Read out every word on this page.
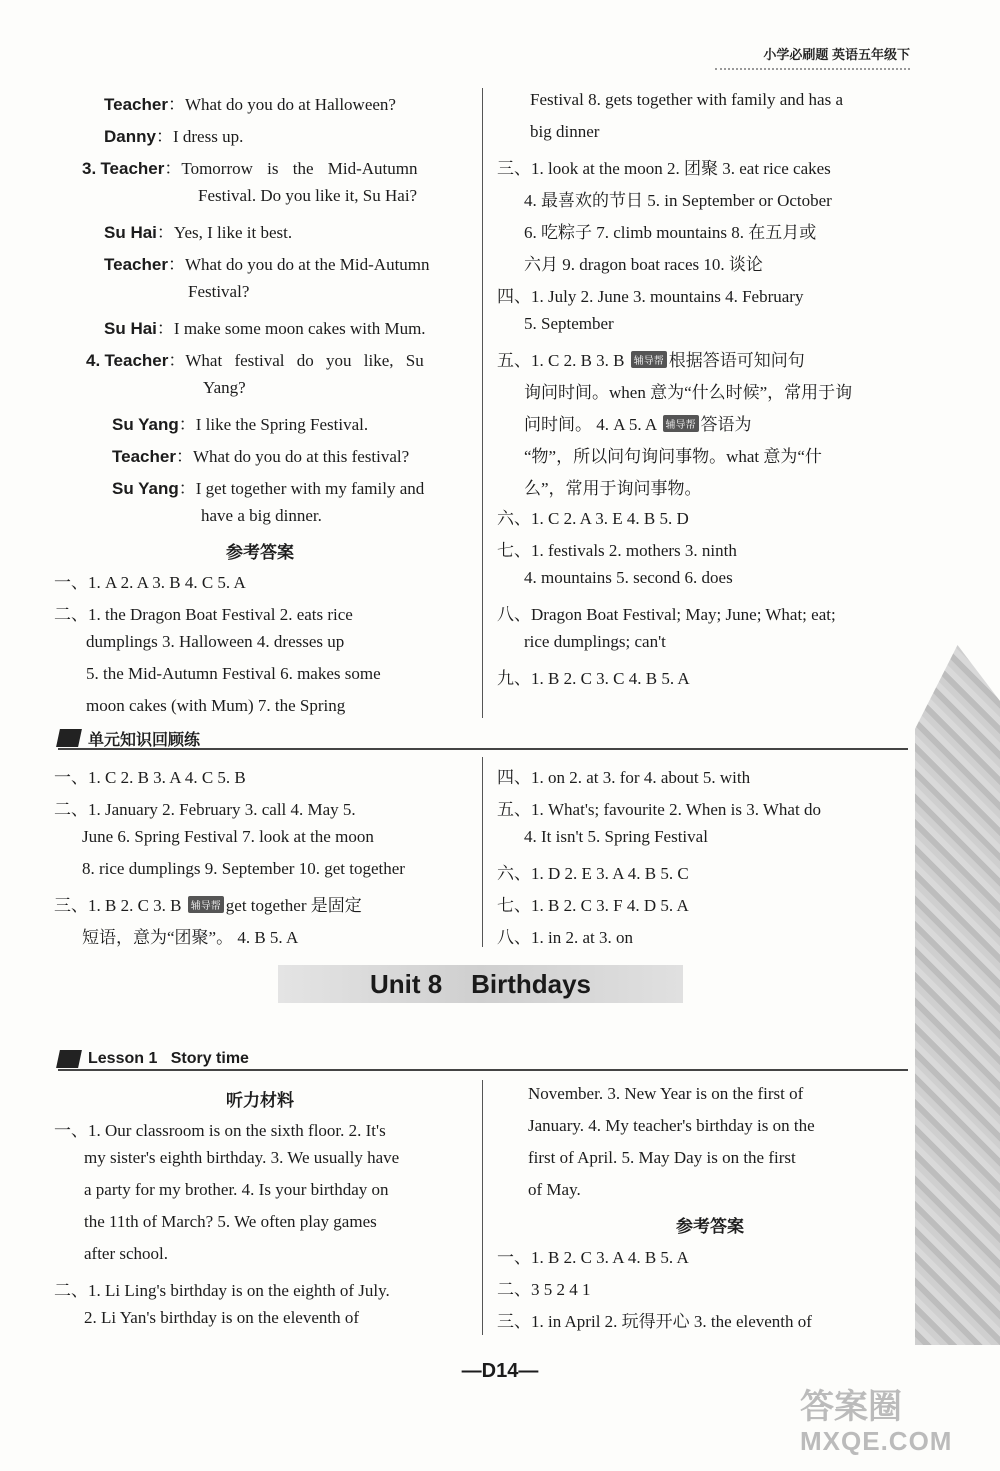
小学必刷题 英语五年级下
Teacher：What do you do at Halloween?
Danny：I dress up.
3. Teacher：Tomorrow is the Mid-Autumn
Festival. Do you like it, Su Hai?
Su Hai：Yes, I like it best.
Teacher：What do you do at the Mid-Autumn
Festival?
Su Hai：I make some moon cakes with Mum.
4. Teacher：What festival do you like, Su
Yang?
Su Yang：I like the Spring Festival.
Teacher：What do you do at this festival?
Su Yang：I get together with my family and
have a big dinner.
参考答案
一、1. A 2. A 3. B 4. C 5. A
二、1. the Dragon Boat Festival 2. eats rice
dumplings 3. Halloween 4. dresses up
5. the Mid-Autumn Festival 6. makes some
moon cakes (with Mum) 7. the Spring
Festival 8. gets together with family and has a
big dinner
三、1. look at the moon 2. 团聚 3. eat rice cakes
4. 最喜欢的节日 5. in September or October
6. 吃粽子 7. climb mountains 8. 在五月或
六月 9. dragon boat races 10. 谈论
四、1. July 2. June 3. mountains 4. February
5. September
五、1. C 2. B 3. B 辅导帮 根据答语可知问句
询问时间。when 意为“什么时候”，常用于询
问时间。 4. A 5. A 辅导帮 答语为
“物”，所以问句询问事物。what 意为“什
么”，常用于询问事物。
六、1. C 2. A 3. E 4. B 5. D
七、1. festivals 2. mothers 3. ninth
4. mountains 5. second 6. does
八、Dragon Boat Festival; May; June; What; eat;
rice dumplings; can't
九、1. B 2. C 3. C 4. B 5. A
单元知识回顾练
一、1. C 2. B 3. A 4. C 5. B
二、1. January 2. February 3. call 4. May 5.
June 6. Spring Festival 7. look at the moon
8. rice dumplings 9. September 10. get together
三、1. B 2. C 3. B 辅导帮 get together 是固定
短语，意为“团聚”。 4. B 5. A
四、1. on 2. at 3. for 4. about 5. with
五、1. What's; favourite 2. When is 3. What do
4. It isn't 5. Spring Festival
六、1. D 2. E 3. A 4. B 5. C
七、1. B 2. C 3. F 4. D 5. A
八、1. in 2. at 3. on
Unit 8    Birthdays
Lesson 1   Story time
听力材料
一、1. Our classroom is on the sixth floor. 2. It's
my sister's eighth birthday. 3. We usually have
a party for my brother. 4. Is your birthday on
the 11th of March? 5. We often play games
after school.
二、1. Li Ling's birthday is on the eighth of July.
2. Li Yan's birthday is on the eleventh of
November. 3. New Year is on the first of
January. 4. My teacher's birthday is on the
first of April. 5. May Day is on the first
of May.
参考答案
一、1. B 2. C 3. A 4. B 5. A
二、3 5 2 4 1
三、1. in April 2. 玩得开心 3. the eleventh of
—D14—
答案圈
MXQE.COM
